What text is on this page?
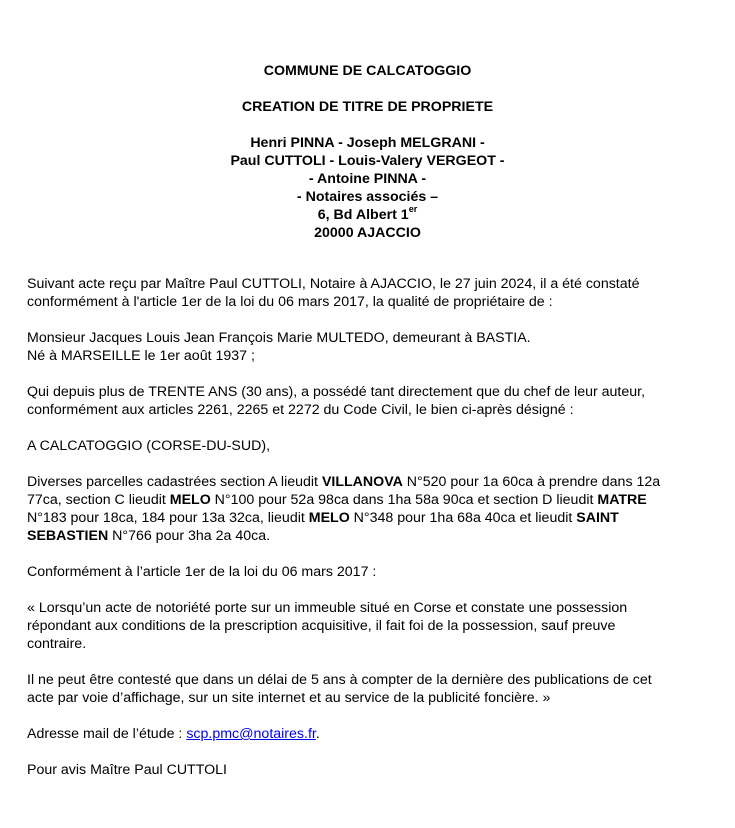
COMMUNE DE CALCATOGGIO
CREATION DE TITRE DE PROPRIETE
Henri PINNA - Joseph MELGRANI -
Paul CUTTOLI - Louis-Valery VERGEOT -
- Antoine PINNA -
- Notaires associés –
6, Bd Albert 1er
20000 AJACCIO
Suivant acte reçu par Maître Paul CUTTOLI, Notaire à AJACCIO, le 27 juin 2024, il a été constaté
conformément à l'article 1er de la loi du 06 mars 2017, la qualité de propriétaire de :
Monsieur Jacques Louis Jean François Marie MULTEDO, demeurant à BASTIA.
Né à MARSEILLE le 1er août 1937 ;
Qui depuis plus de TRENTE ANS (30 ans), a possédé tant directement que du chef de leur auteur,
conformément aux articles 2261, 2265 et 2272 du Code Civil, le bien ci-après désigné :
A CALCATOGGIO (CORSE-DU-SUD),
Diverses parcelles cadastrées section A lieudit VILLANOVA N°520 pour 1a 60ca à prendre dans 12a
77ca, section C lieudit MELO N°100 pour 52a 98ca dans 1ha 58a 90ca et section D lieudit MATRE
N°183 pour 18ca, 184 pour 13a 32ca, lieudit MELO N°348 pour 1ha 68a 40ca et lieudit SAINT
SEBASTIEN N°766 pour 3ha 2a 40ca.
Conformément à l’article 1er de la loi du 06 mars 2017 :
« Lorsqu’un acte de notoriété porte sur un immeuble situé en Corse et constate une possession
répondant aux conditions de la prescription acquisitive, il fait foi de la possession, sauf preuve
contraire.
Il ne peut être contesté que dans un délai de 5 ans à compter de la dernière des publications de cet
acte par voie d’affichage, sur un site internet et au service de la publicité foncière. »
Adresse mail de l’étude : scp.pmc@notaires.fr.
Pour avis Maître Paul CUTTOLI
